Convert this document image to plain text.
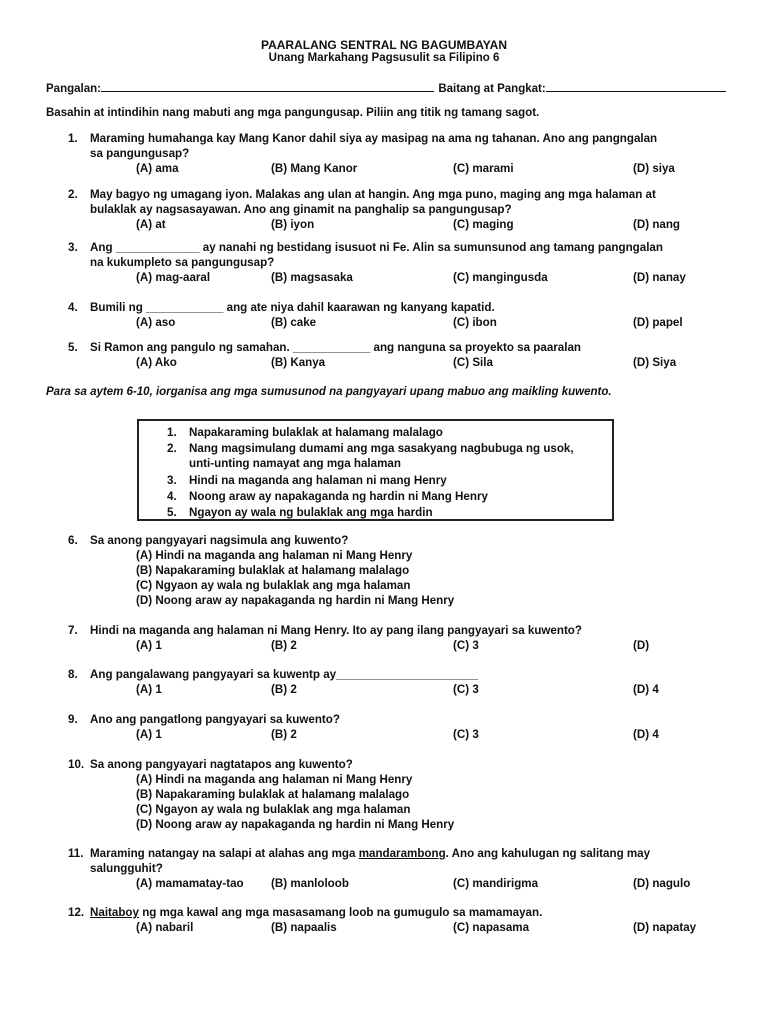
PAARALANG SENTRAL NG BAGUMBAYAN
Unang Markahang Pagsusulit sa Filipino 6
Pangalan:	Baitang at Pangkat:
Basahin at intindihin nang mabuti ang mga pangungusap. Piliin ang titik ng tamang sagot.
1.	Maraming humahanga kay Mang Kanor dahil siya ay masipag na ama ng tahanan. Ano ang pangngalan
sa pangungusap?
(A) ama	(B) Mang Kanor	(C) marami	(D) siya
2.	May bagyo ng umagang iyon. Malakas ang ulan at hangin. Ang mga puno, maging ang mga halaman at
bulaklak ay nagsasayawan. Ano ang ginamit na panghalip sa pangungusap?
(A) at	(B) iyon	(C) maging	(D) nang
3.	Ang _____________ ay nanahi ng bestidang isusuot ni Fe. Alin sa sumunsunod ang tamang pangngalan
na kukumpleto sa pangungusap?
(A) mag-aaral	(B) magsasaka	(C) mangingusda	(D) nanay
4.	Bumili ng ____________ ang ate niya dahil kaarawan ng kanyang kapatid.
(A) aso	(B) cake	(C) ibon	(D) papel
5.	Si Ramon ang pangulo ng samahan. ____________ ang nanguna sa proyekto sa paaralan
(A) Ako	(B) Kanya	(C) Sila	(D) Siya
Para sa aytem 6-10, iorganisa ang mga sumusunod na pangyayari upang mabuo ang maikling kuwento.
1. Napakaraming bulaklak at halamang malalago
2. Nang magsimulang dumami ang mga sasakyang nagbubuga ng usok, unti-unting namayat ang mga halaman
3. Hindi na maganda ang halaman ni mang Henry
4. Noong araw ay napakaganda ng hardin ni Mang Henry
5. Ngayon ay wala ng bulaklak ang mga hardin
6.	Sa anong pangyayari nagsimula ang kuwento?
(A) Hindi na maganda ang halaman ni Mang Henry
(B) Napakaraming bulaklak at halamang malalago
(C) Ngyaon ay wala ng bulaklak ang mga halaman
(D) Noong araw ay napakaganda ng hardin ni Mang Henry
7.	Hindi na maganda ang halaman ni Mang Henry. Ito ay pang ilang pangyayari sa kuwento?
(A) 1	(B) 2	(C) 3	(D)
8.	Ang pangalawang pangyayari sa kuwentp ay______________________
(A) 1	(B) 2	(C) 3	(D) 4
9.	Ano ang pangatlong pangyayari sa kuwento?
(A) 1	(B) 2	(C) 3	(D) 4
10. Sa anong pangyayari nagtatapos ang kuwento?
(A) Hindi na maganda ang halaman ni Mang Henry
(B) Napakaraming bulaklak at halamang malalago
(C) Ngayon ay wala ng bulaklak ang mga halaman
(D) Noong araw ay napakaganda ng hardin ni Mang Henry
11. Maraming natangay na salapi at alahas ang mga mandarambong. Ano ang kahulugan ng salitang may
salungguhit?
(A) mamamatay-tao (B) manloloob	(C) mandirigma	(D) nagulo
12. Naitaboy ng mga kawal ang mga masasamang loob na gumugulo sa mamamayan.
(A) nabaril	(B) napaalis	(C) napasama	(D) napatay
